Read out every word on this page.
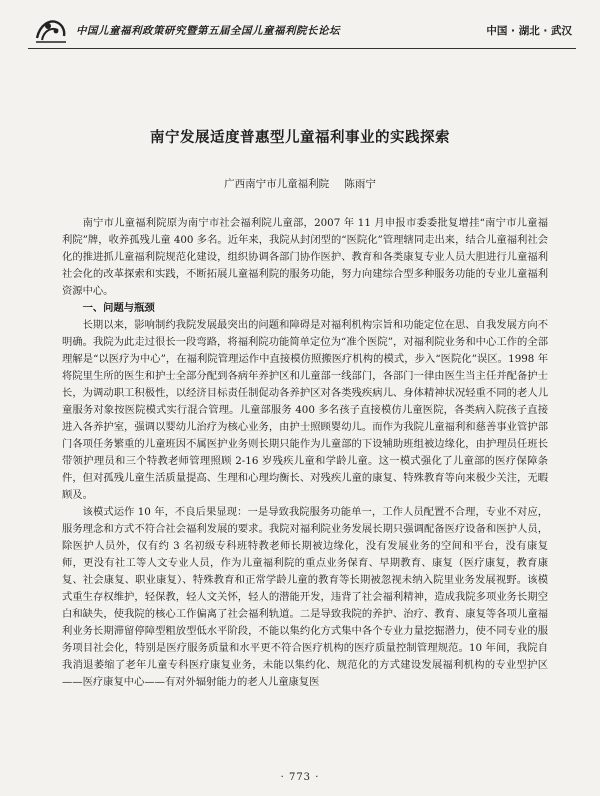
中国儿童福利政策研究暨第五届全国儿童福利院长论坛	中国 · 湖北 · 武汉
南宁发展适度普惠型儿童福利事业的实践探索
广西南宁市儿童福利院 陈雨宁

南宁市儿童福利院原为南宁市社会福利院儿童部，2007 年 11 月申报市委委批复增挂“南宁市儿童福利院”牌，收养孤残儿童 400 多名。近年来，我院从封闭型的“医院化”管理辖同走出来，结合儿童福利社会化的推进抓儿童福利院规范化建设，组织协调各部门协作医护、教育和各类康复专业人员大胆进行儿童福利社会化的改革探索和实践，不断拓展儿童福利院的服务功能，努力向建综合型多种服务功能的专业儿童福利资源中心。

一、问题与瓶颈

长期以来，影响制约我院发展最突出的问题和障碍是对福利机构宗旨和功能定位在思、自我发展方向不明确。我院为此走过很长一段弯路，将福利院功能简单定位为“准个医院”，对福利院业务和中心工作的全部理解是“以医疗为中心”，在福利院管理运作中直接模仿照搬医疗机构的模式，步入“医院化”误区。1998 年将院里生所的医生和护士全部分配到各病年养护区和儿童部一线部门，各部门一律由医生当主任并配备护士长，为调动职工积极性，以经济目标责任制促动各养护区对各类残疾病儿、身体精神状况轻重不同的老人儿童服务对象按医院模式实行混合管理。儿童部服务 400 多名孩子直接模仿儿童医院，各类病入院孩子直接进入各养护室，强调以婴幼儿治疗为核心业务，由护士照顾婴幼儿。而作为我院儿童福利和慈善事业管护部门各项任务繁重的儿童班因不属医护业务则长期只能作为儿童部的下设辅助班组被边缘化，由护理员任班长带领护理员和三个特教老师管理照顾 2-16 岁残疾儿童和学龄儿童。这一模式强化了儿童部的医疗保障条件，但对孤残儿童生活质量提高、生理和心理均衡长、对残疾儿童的康复、特殊教育等向来极少关注，无暇顾及。

该模式运作 10 年，不良后果显现：一是导致我院服务功能单一，工作人员配置不合理，专业不对应，服务理念和方式不符合社会福利发展的要求。我院对福利院业务发展长期只强调配备医疗设备和医护人员，除医护人员外，仅有约 3 名初级专科班特教老师长期被边缘化，没有发展业务的空间和平台，没有康复师，更没有社工等人文专业人员，作为儿童福利院的重点业务保育、早期教育、康复（医疗康复，教育康复、社会康复、职业康复）、特殊教育和正常学龄儿童的教育等长期被忽视未纳入院里业务发展视野。该模式重生存权维护，轻保教，轻人文关怀，轻人的潜能开发，违背了社会福利精神，造成我院多项业务长期空白和缺失，使我院的核心工作偏离了社会福利轨道。二是导致我院的养护、治疗、教育、康复等各项儿童福利业务长期滞留停障型粗放型低水平阶段，不能以集约化方式集中各个专业力量挖掘潜力，使不同专业的服务项目社会化，特别是医疗服务质量和水平更不符合医疗机构的医疗质量控制管理规范。10 年间，我院自我消退萎缩了老年儿童专科医疗康复业务，未能以集约化、规范化的方式建设发展福利机构的专业型护区——医疗康复中心——有对外辐射能力的老人儿童康复医

· 773 ·
